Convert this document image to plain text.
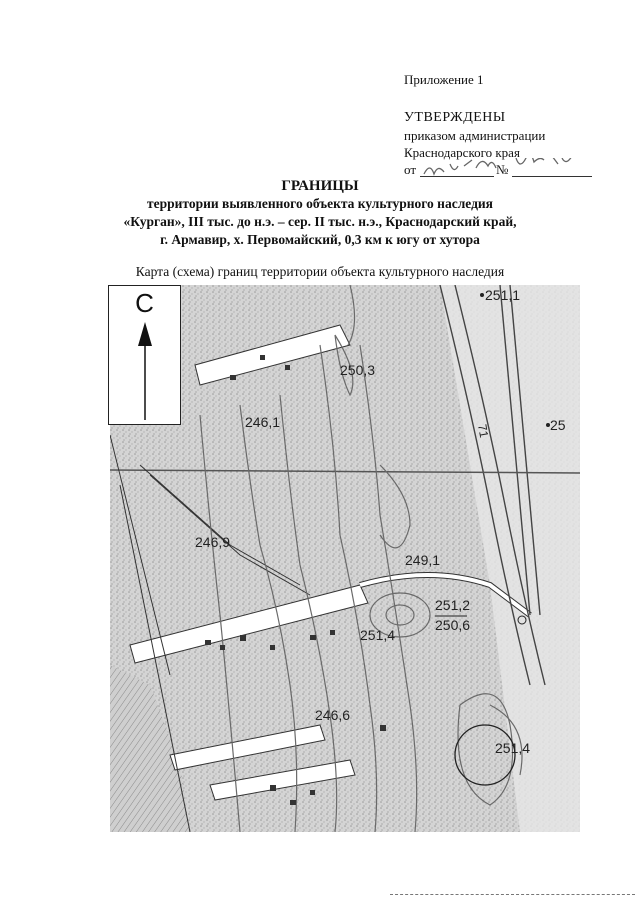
Приложение 1
УТВЕРЖДЕНЫ
приказом администрации
Краснодарского края
от	№
ГРАНИЦЫ
территории выявленного объекта культурного наследия
«Курган», III тыс. до н.э. – сер. II тыс. н.э., Краснодарский край,
г. Армавир, х. Первомайский, 0,3 км к югу от хутора
Карта (схема) границ территории объекта культурного наследия
251,1
250,3
246,1
246,9
249,1
251,2
250,6
251,4
246,6
251,4
25
71
С
